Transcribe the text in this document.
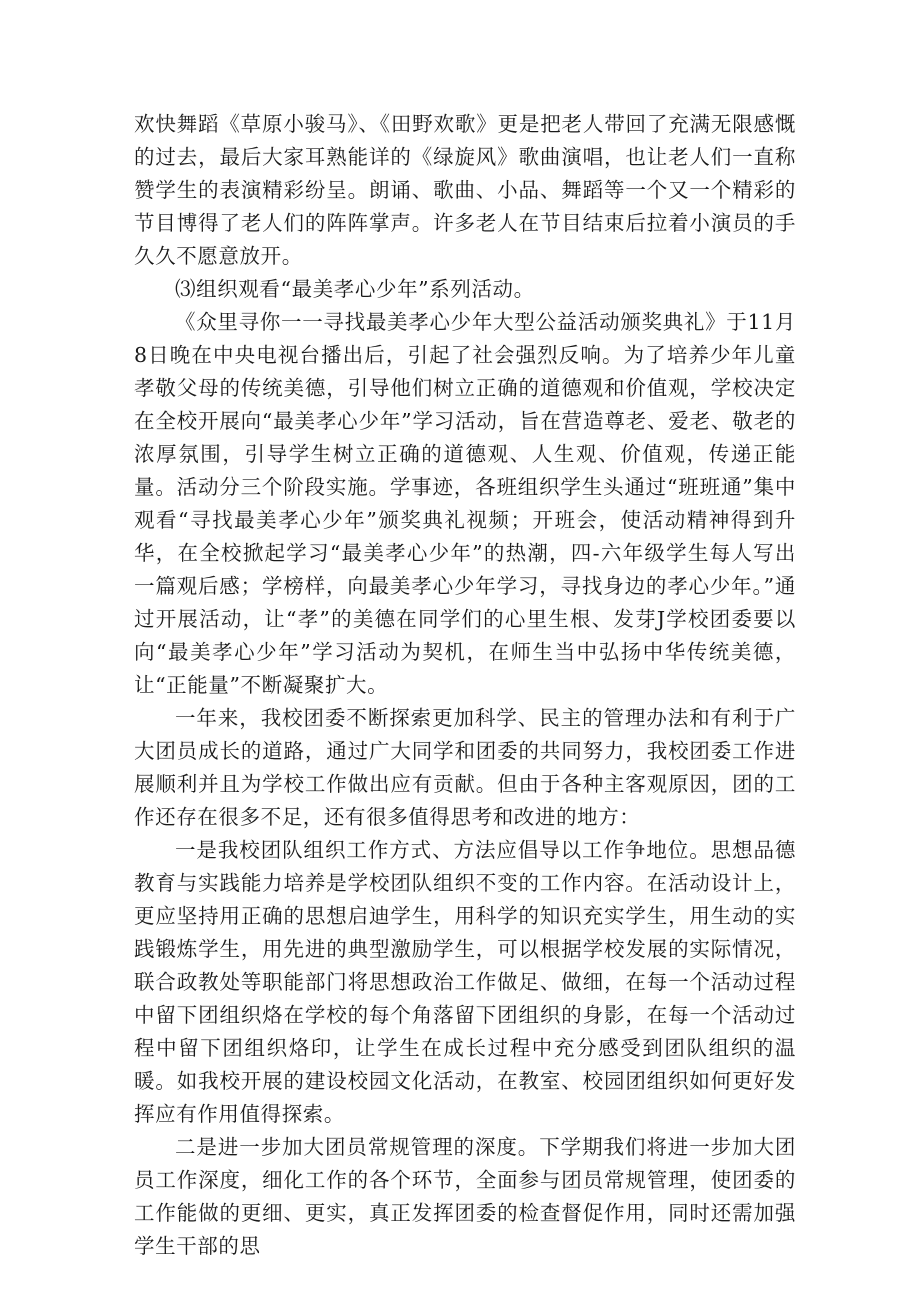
欢快舞蹈《草原小骏马》、《田野欢歌》更是把老人带回了充满无限感慨的过去，最后大家耳熟能详的《绿旋风》歌曲演唱，也让老人们一直称赞学生的表演精彩纷呈。朗诵、歌曲、小品、舞蹈等一个又一个精彩的节目博得了老人们的阵阵掌声。许多老人在节目结束后拉着小演员的手久久不愿意放开。

⑶组织观看“最美孝心少年”系列活动。

《众里寻你一一寻找最美孝心少年大型公益活动颁奖典礼》于11月8日晚在中央电视台播出后，引起了社会强烈反响。为了培养少年儿童孝敬父母的传统美德，引导他们树立正确的道德观和价值观，学校决定在全校开展向“最美孝心少年”学习活动，旨在营造尊老、爱老、敬老的浓厚氛围，引导学生树立正确的道德观、人生观、价值观，传递正能量。活动分三个阶段实施。学事迹，各班组织学生头通过“班班通”集中观看“寻找最美孝心少年”颁奖典礼视频；开班会，使活动精神得到升华，在全校掀起学习“最美孝心少年”的热潮，四-六年级学生每人写出一篇观后感；学榜样，向最美孝心少年学习，寻找身边的孝心少年。”通过开展活动，让“孝”的美德在同学们的心里生根、发芽J学校团委要以向“最美孝心少年”学习活动为契机，在师生当中弘扬中华传统美德，让“正能量”不断凝聚扩大。

一年来，我校团委不断探索更加科学、民主的管理办法和有利于广大团员成长的道路，通过广大同学和团委的共同努力，我校团委工作进展顺利并且为学校工作做出应有贡献。但由于各种主客观原因，团的工作还存在很多不足，还有很多值得思考和改进的地方：

一是我校团队组织工作方式、方法应倡导以工作争地位。思想品德教育与实践能力培养是学校团队组织不变的工作内容。在活动设计上，更应坚持用正确的思想启迪学生，用科学的知识充实学生，用生动的实践锻炼学生，用先进的典型激励学生，可以根据学校发展的实际情况，联合政教处等职能部门将思想政治工作做足、做细，在每一个活动过程中留下团组织烙在学校的每个角落留下团组织的身影，在每一个活动过程中留下团组织烙印，让学生在成长过程中充分感受到团队组织的温暖。如我校开展的建设校园文化活动，在教室、校园团组织如何更好发挥应有作用值得探索。

二是进一步加大团员常规管理的深度。下学期我们将进一步加大团员工作深度，细化工作的各个环节，全面参与团员常规管理，使团委的工作能做的更细、更实，真正发挥团委的检查督促作用，同时还需加强学生干部的思
